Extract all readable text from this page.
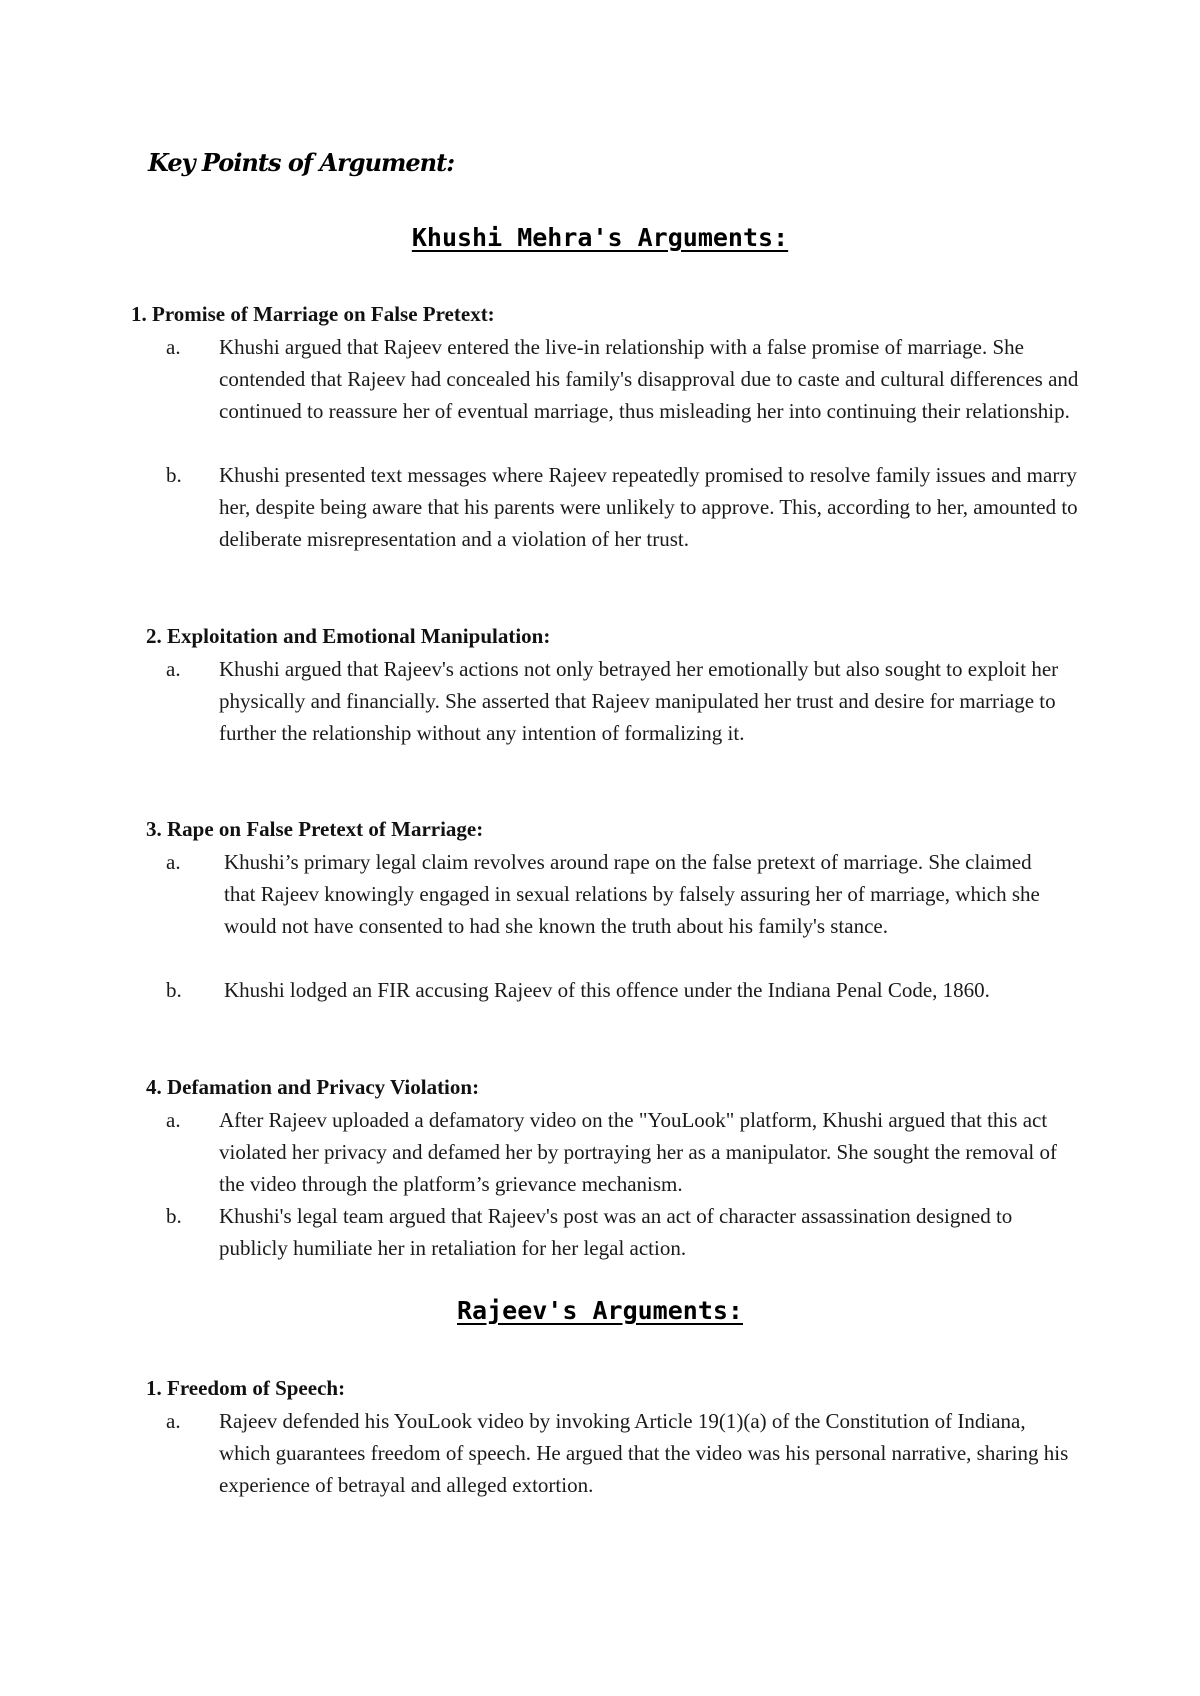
Key Points of Argument:
Khushi Mehra's Arguments:
1. Promise of Marriage on False Pretext:
a. Khushi argued that Rajeev entered the live-in relationship with a false promise of marriage. She contended that Rajeev had concealed his family's disapproval due to caste and cultural differences and continued to reassure her of eventual marriage, thus misleading her into continuing their relationship.

b. Khushi presented text messages where Rajeev repeatedly promised to resolve family issues and marry her, despite being aware that his parents were unlikely to approve. This, according to her, amounted to deliberate misrepresentation and a violation of her trust.

2. Exploitation and Emotional Manipulation:
a. Khushi argued that Rajeev's actions not only betrayed her emotionally but also sought to exploit her physically and financially. She asserted that Rajeev manipulated her trust and desire for marriage to further the relationship without any intention of formalizing it.

3. Rape on False Pretext of Marriage:
a. Khushi’s primary legal claim revolves around rape on the false pretext of marriage. She claimed that Rajeev knowingly engaged in sexual relations by falsely assuring her of marriage, which she would not have consented to had she known the truth about his family's stance.

b. Khushi lodged an FIR accusing Rajeev of this offence under the Indiana Penal Code, 1860.

4. Defamation and Privacy Violation:
a. After Rajeev uploaded a defamatory video on the "YouLook" platform, Khushi argued that this act violated her privacy and defamed her by portraying her as a manipulator. She sought the removal of the video through the platform’s grievance mechanism.

b. Khushi's legal team argued that Rajeev's post was an act of character assassination designed to publicly humiliate her in retaliation for her legal action.

Rajeev's Arguments:
1. Freedom of Speech:
a. Rajeev defended his YouLook video by invoking Article 19(1)(a) of the Constitution of Indiana, which guarantees freedom of speech. He argued that the video was his personal narrative, sharing his experience of betrayal and alleged extortion.
